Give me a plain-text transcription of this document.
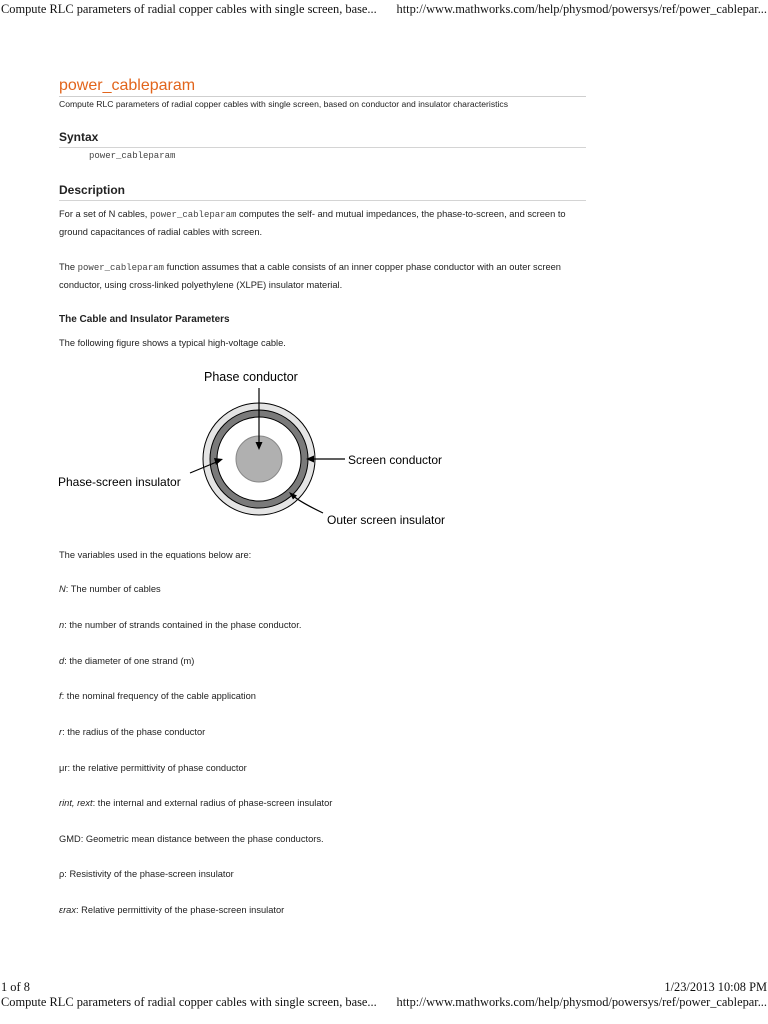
Compute RLC parameters of radial copper cables with single screen, base... http://www.mathworks.com/help/physmod/powersys/ref/power_cablepar...
power_cableparam
Compute RLC parameters of radial copper cables with single screen, based on conductor and insulator characteristics
Syntax
power_cableparam
Description
For a set of N cables, power_cableparam computes the self- and mutual impedances, the phase-to-screen, and screen to ground capacitances of radial cables with screen.
The power_cableparam function assumes that a cable consists of an inner copper phase conductor with an outer screen conductor, using cross-linked polyethylene (XLPE) insulator material.
The Cable and Insulator Parameters
The following figure shows a typical high-voltage cable.
Phase conductor
Screen conductor
Phase-screen insulator
Outer screen insulator
The variables used in the equations below are:
N: The number of cables
n: the number of strands contained in the phase conductor.
d: the diameter of one strand (m)
f: the nominal frequency of the cable application
r: the radius of the phase conductor
μr: the relative permittivity of phase conductor
rint, rext: the internal and external radius of phase-screen insulator
GMD: Geometric mean distance between the phase conductors.
ρ: Resistivity of the phase-screen insulator
εrax: Relative permittivity of the phase-screen insulator
1 of 8	1/23/2013 10:08 PM
Compute RLC parameters of radial copper cables with single screen, base... http://www.mathworks.com/help/physmod/powersys/ref/power_cablepar...
